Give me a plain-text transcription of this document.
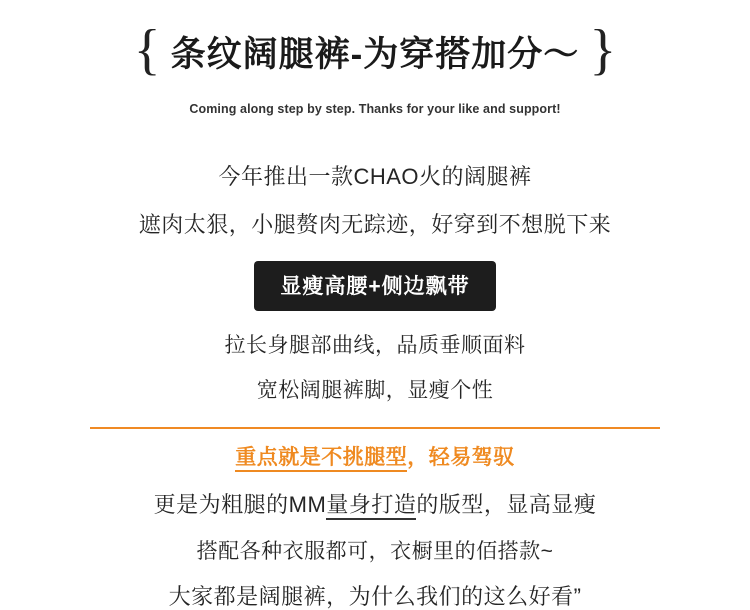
{ 条纹阔腿裤-为穿搭加分～ }
Coming along step by step. Thanks for your like and support!
今年推出一款CHAO火的阔腿裤
遮肉太狠，小腿赘肉无踪迹，好穿到不想脱下来
显瘦高腰+侧边飘带
拉长身腿部曲线，品质垂顺面料
宽松阔腿裤脚，显瘦个性
重点就是不挑腿型，轻易驾驭
更是为粗腿的MM量身打造的版型，显高显瘦
搭配各种衣服都可，衣橱里的佰搭款~
大家都是阔腿裤，为什么我们的这么好看”
